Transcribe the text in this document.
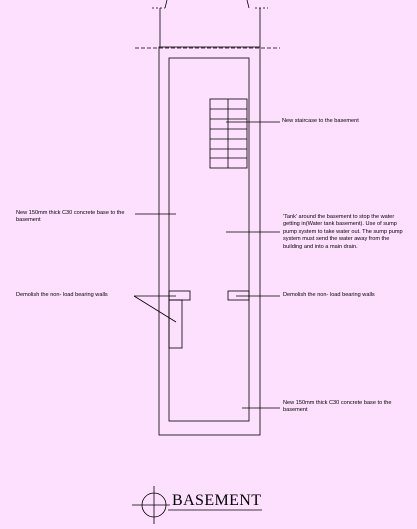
New staircase to the basement
New 150mm thick C30 concrete base to the basement
'Tank' around the basement to stop the water getting in(Water tank basement). Use of sump pump system to take water out. The sump pump system must send the water away from the building and into a main drain.
Demolish the non- load bearing walls	Demolish the non- load bearing walls
New 150mm thick C30 concrete base to the basement
BASEMENT
